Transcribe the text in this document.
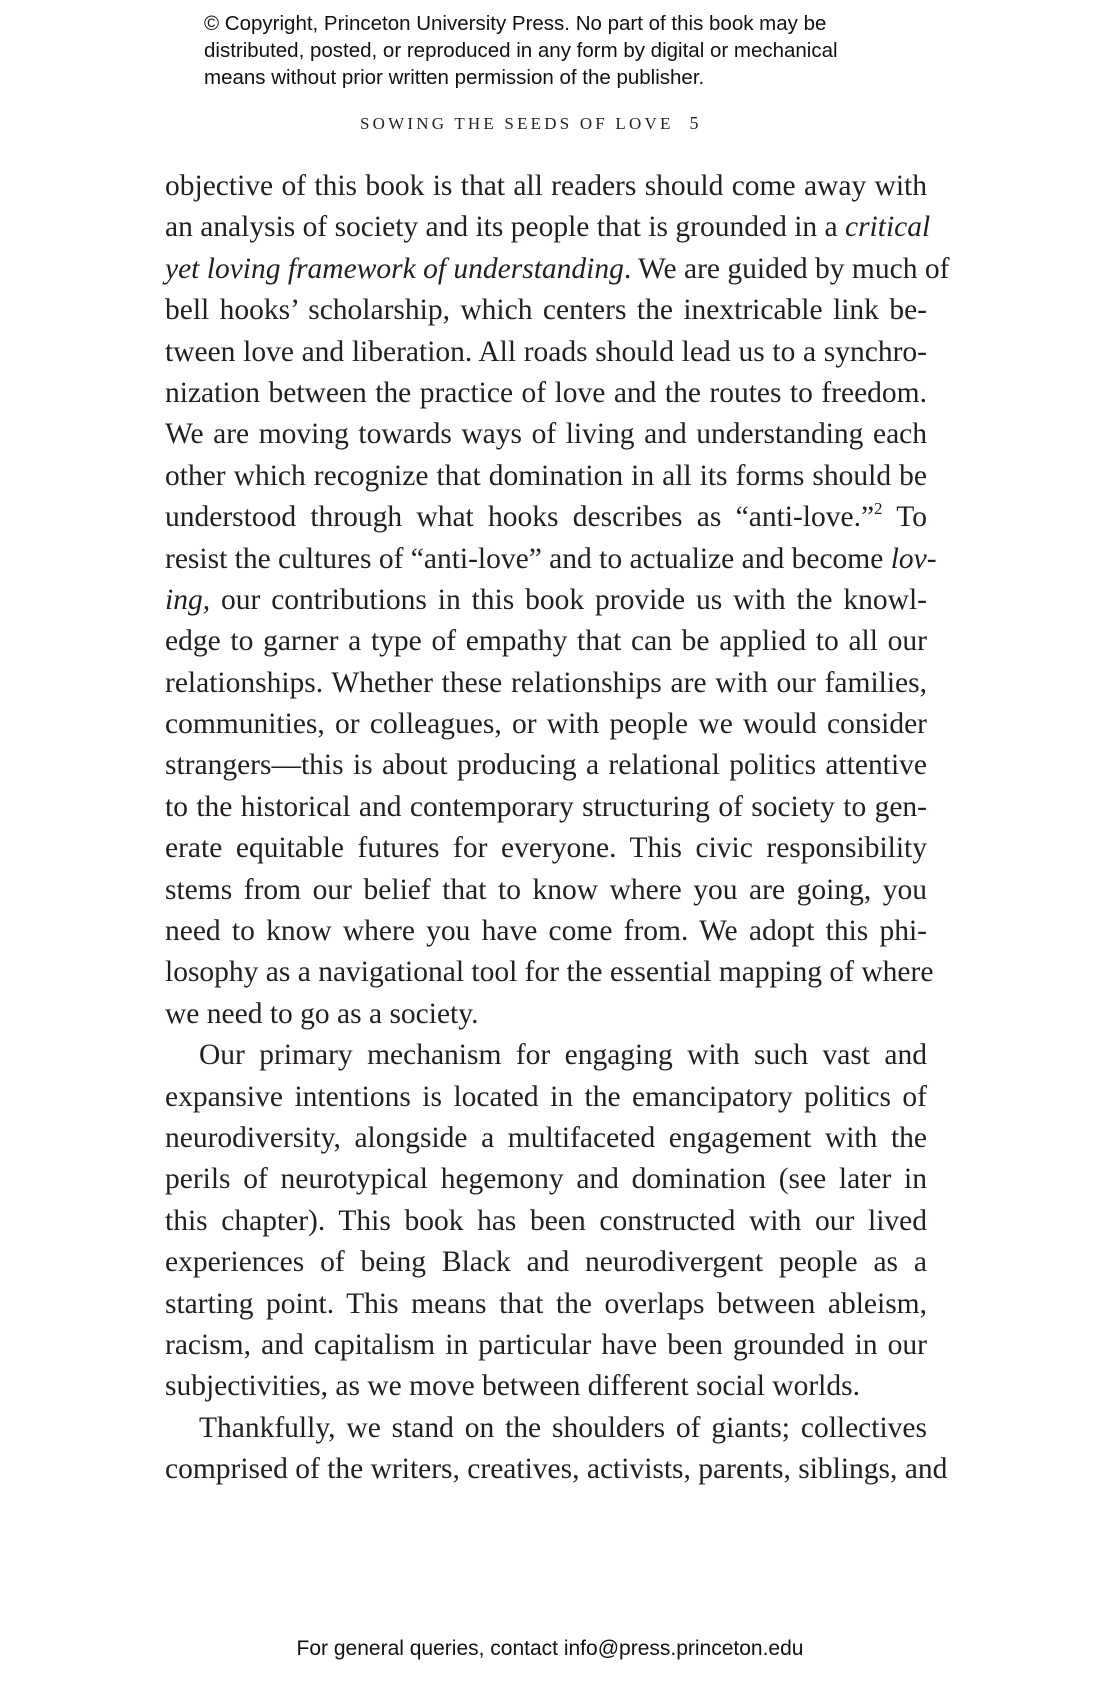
© Copyright, Princeton University Press. No part of this book may be
distributed, posted, or reproduced in any form by digital or mechanical
means without prior written permission of the publisher.
SOWING THE SEEDS OF LOVE 5
objective of this book is that all readers should come away with
an analysis of society and its people that is grounded in a critical
yet loving framework of understanding. We are guided by much of
bell hooks’ scholarship, which centers the inextricable link be-
tween love and liberation. All roads should lead us to a synchro-
nization between the practice of love and the routes to freedom.
We are moving towards ways of living and understanding each
other which recognize that domination in all its forms should be
understood through what hooks describes as “anti-love.”$^2$ To
resist the cultures of “anti-love” and to actualize and become lov-
ing, our contributions in this book provide us with the knowl-
edge to garner a type of empathy that can be applied to all our
relationships. Whether these relationships are with our families,
communities, or colleagues, or with people we would consider
strangers—this is about producing a relational politics attentive
to the historical and contemporary structuring of society to gen-
erate equitable futures for everyone. This civic responsibility
stems from our belief that to know where you are going, you
need to know where you have come from. We adopt this phi-
losophy as a navigational tool for the essential mapping of where
we need to go as a society.
Our primary mechanism for engaging with such vast and
expansive intentions is located in the emancipatory politics of
neurodiversity, alongside a multifaceted engagement with the
perils of neurotypical hegemony and domination (see later in
this chapter). This book has been constructed with our lived
experiences of being Black and neurodivergent people as a
starting point. This means that the overlaps between ableism,
racism, and capitalism in particular have been grounded in our
subjectivities, as we move between different social worlds.
Thankfully, we stand on the shoulders of giants; collectives
comprised of the writers, creatives, activists, parents, siblings, and
For general queries, contact info@press.princeton.edu
